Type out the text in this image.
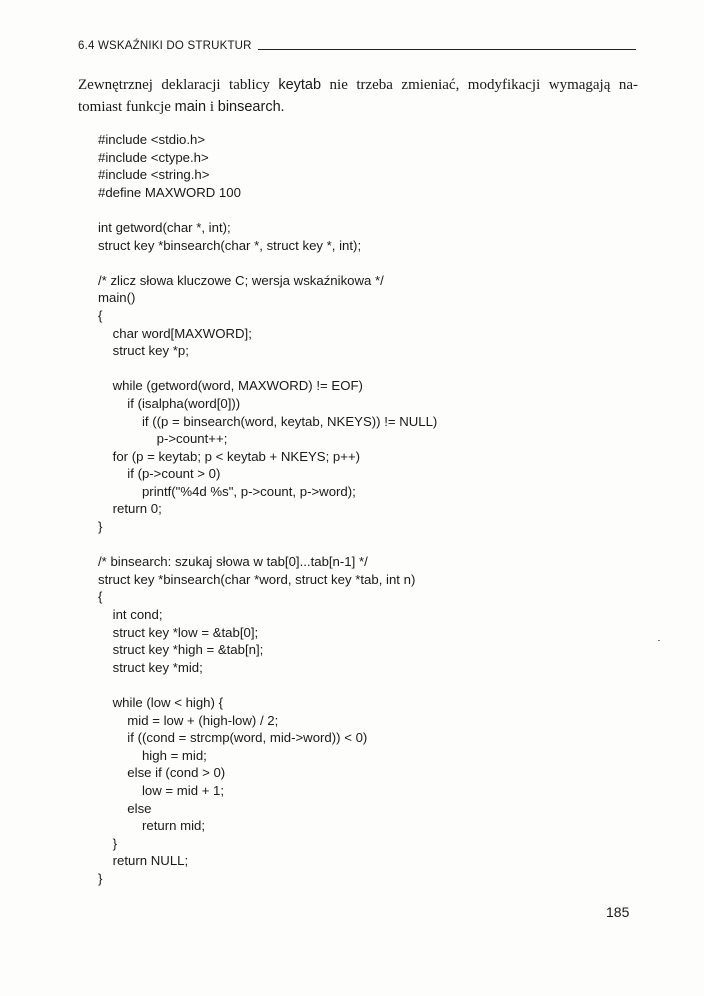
6.4 WSKAŹNIKI DO STRUKTUR
Zewnętrznej deklaracji tablicy keytab nie trzeba zmieniać, modyfikacji wymagają na-
tomiast funkcje main i binsearch.
#include <stdio.h>
#include <ctype.h>
#include <string.h>
#define MAXWORD 100
int getword(char *, int);
struct key *binsearch(char *, struct key *, int);
/* zlicz słowa kluczowe C; wersja wskaźnikowa */
main()
{
char word[MAXWORD];
struct key *p;
while (getword(word, MAXWORD) != EOF)
if (isalpha(word[0]))
if ((p = binsearch(word, keytab, NKEYS)) != NULL)
p->count++;
for (p = keytab; p < keytab + NKEYS; p++)
if (p->count > 0)
printf("%4d %s", p->count, p->word);
return 0;
}
/* binsearch: szukaj słowa w tab[0]...tab[n-1] */
struct key *binsearch(char *word, struct key *tab, int n)
{
int cond;
struct key *low = &tab[0];
struct key *high = &tab[n];
struct key *mid;
while (low < high) {
mid = low + (high-low) / 2;
if ((cond = strcmp(word, mid->word)) < 0)
high = mid;
else if (cond > 0)
low = mid + 1;
else
return mid;
}
return NULL;
}
185
